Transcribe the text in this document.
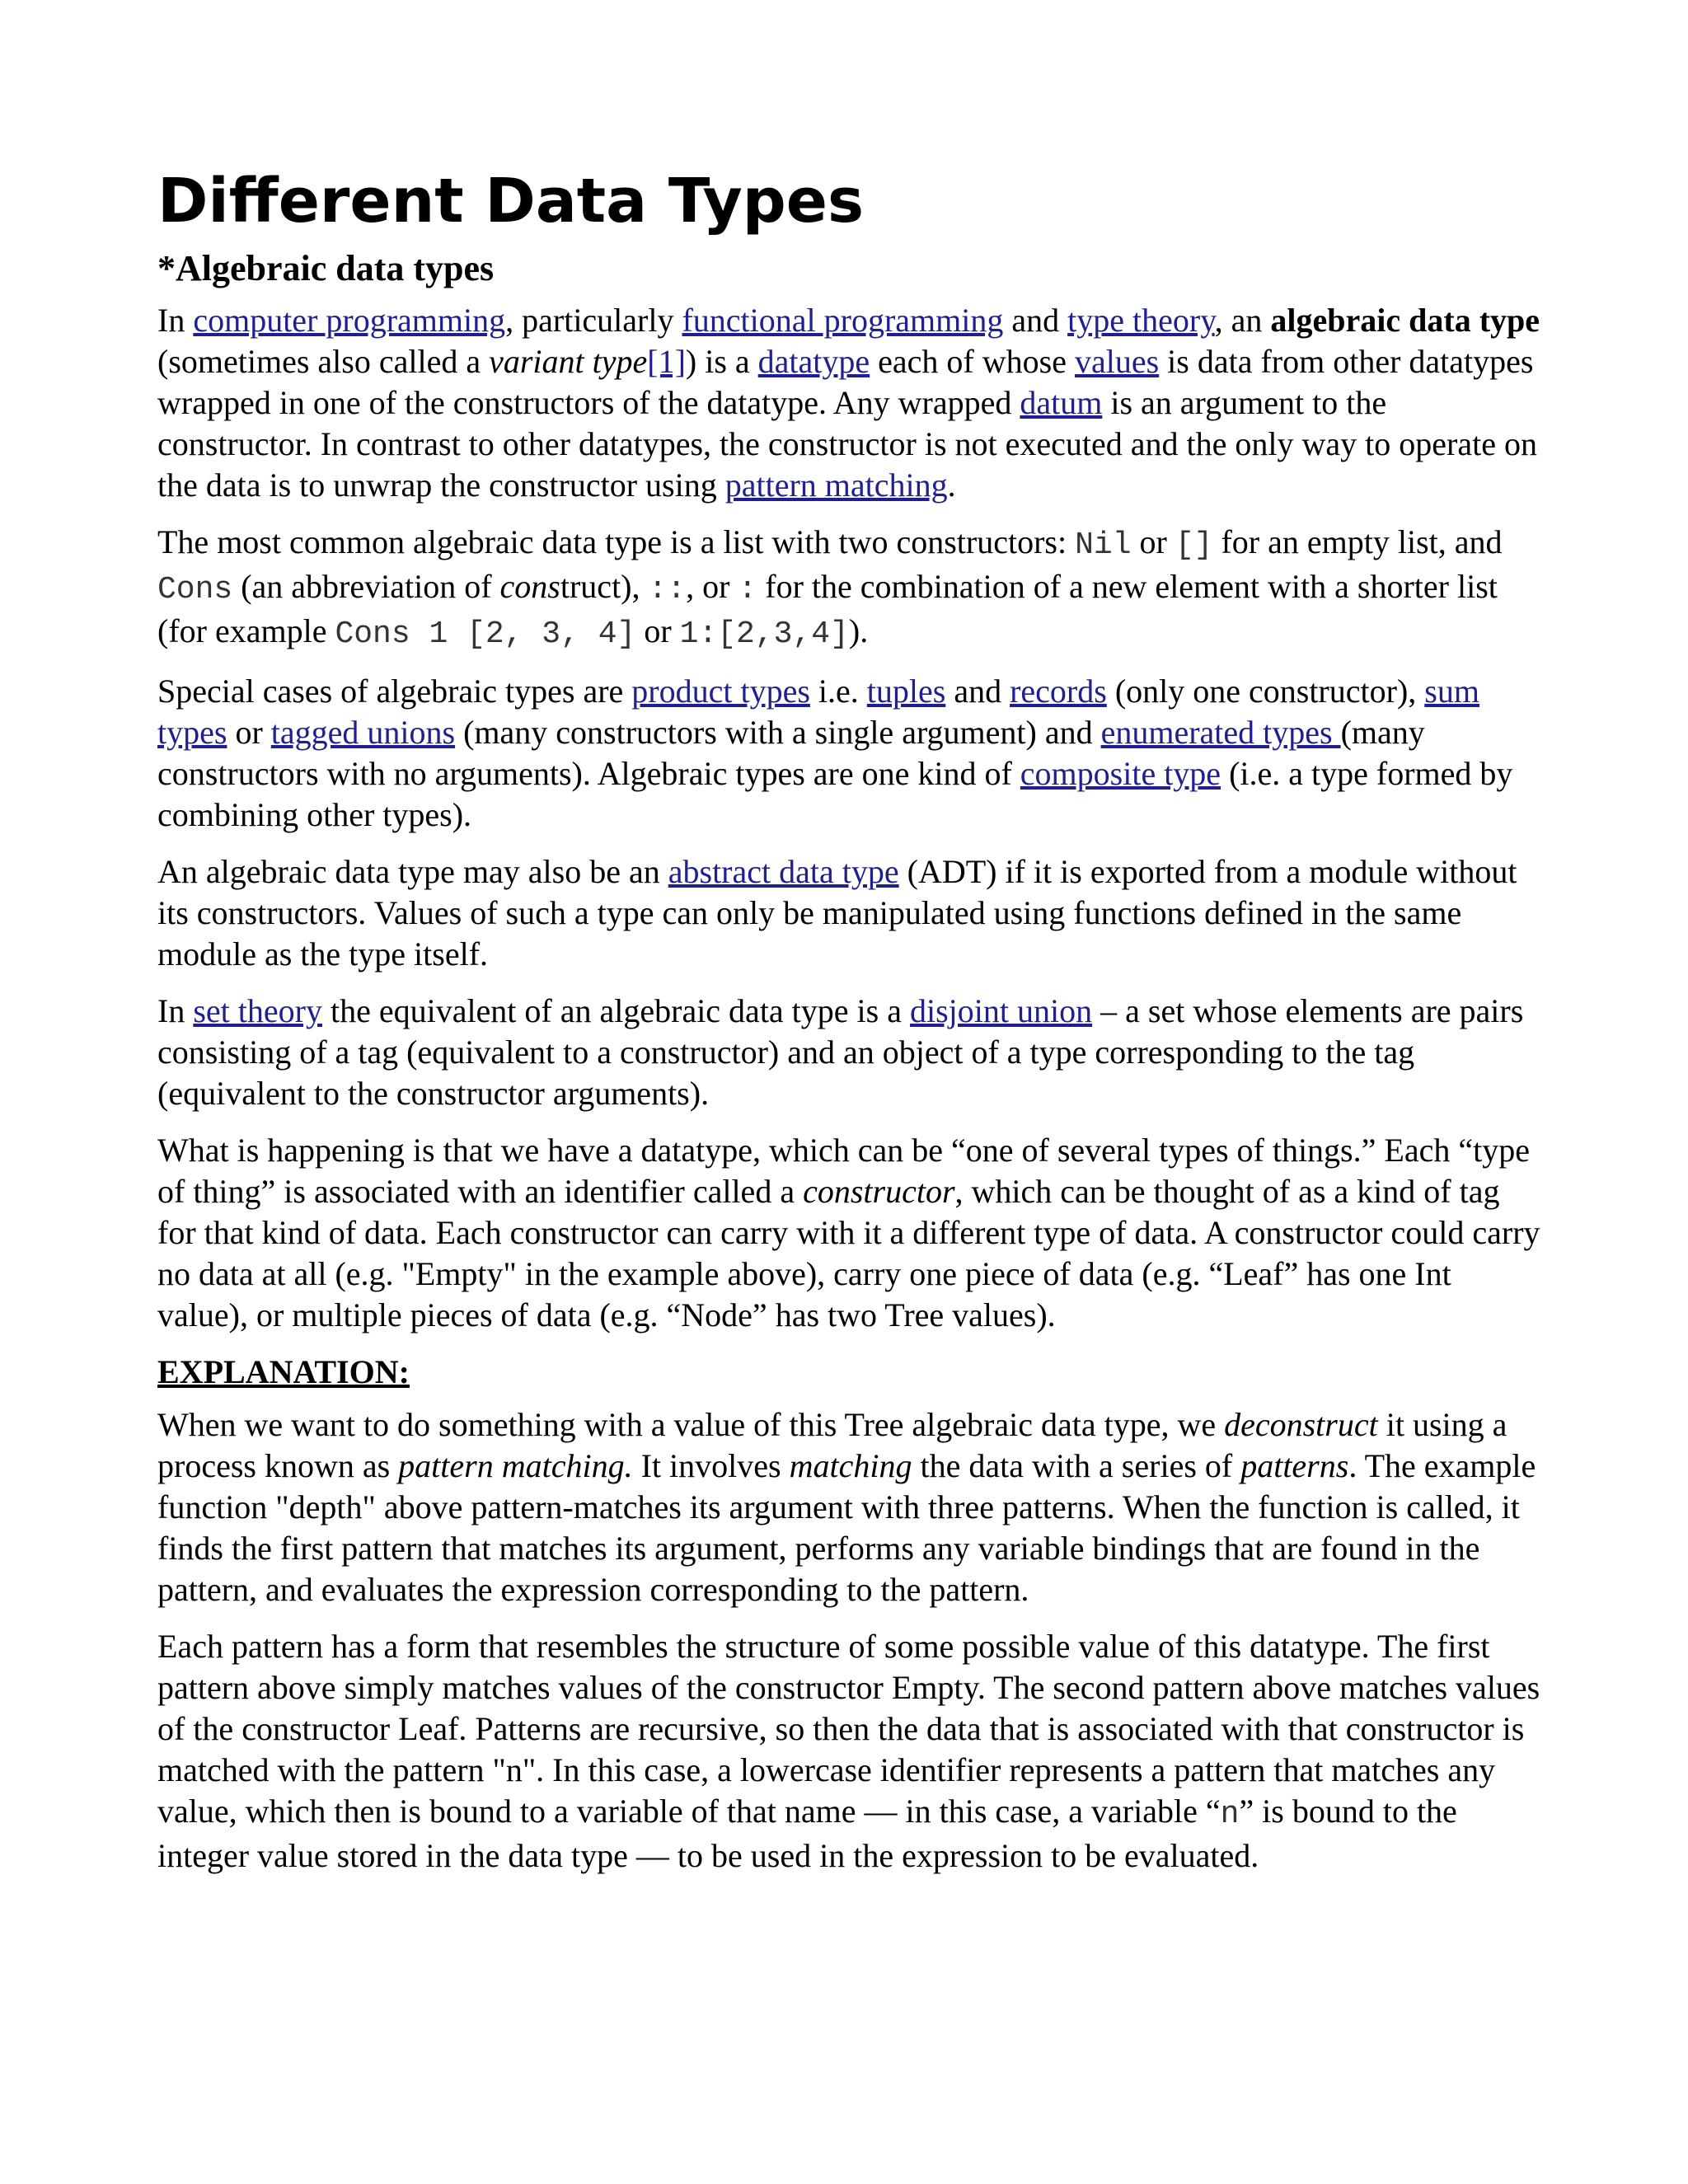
Different Data Types
*Algebraic data types

In computer programming, particularly functional programming and type theory, an algebraic data type (sometimes also called a variant type[1]) is a datatype each of whose values is data from other datatypes wrapped in one of the constructors of the datatype. Any wrapped datum is an argument to the constructor. In contrast to other datatypes, the constructor is not executed and the only way to operate on the data is to unwrap the constructor using pattern matching.

The most common algebraic data type is a list with two constructors: Nil or [] for an empty list, and Cons (an abbreviation of construct), ::, or : for the combination of a new element with a shorter list (for example Cons 1 [2, 3, 4] or 1:[2,3,4]).

Special cases of algebraic types are product types i.e. tuples and records (only one constructor), sum types or tagged unions (many constructors with a single argument) and enumerated types (many constructors with no arguments). Algebraic types are one kind of composite type (i.e. a type formed by combining other types).

An algebraic data type may also be an abstract data type (ADT) if it is exported from a module without its constructors. Values of such a type can only be manipulated using functions defined in the same module as the type itself.

In set theory the equivalent of an algebraic data type is a disjoint union – a set whose elements are pairs consisting of a tag (equivalent to a constructor) and an object of a type corresponding to the tag (equivalent to the constructor arguments).

What is happening is that we have a datatype, which can be “one of several types of things.” Each “type of thing” is associated with an identifier called a constructor, which can be thought of as a kind of tag for that kind of data. Each constructor can carry with it a different type of data. A constructor could carry no data at all (e.g. "Empty" in the example above), carry one piece of data (e.g. “Leaf” has one Int value), or multiple pieces of data (e.g. “Node” has two Tree values).

EXPLANATION:

When we want to do something with a value of this Tree algebraic data type, we deconstruct it using a process known as pattern matching. It involves matching the data with a series of patterns. The example function "depth" above pattern-matches its argument with three patterns. When the function is called, it finds the first pattern that matches its argument, performs any variable bindings that are found in the pattern, and evaluates the expression corresponding to the pattern.

Each pattern has a form that resembles the structure of some possible value of this datatype. The first pattern above simply matches values of the constructor Empty. The second pattern above matches values of the constructor Leaf. Patterns are recursive, so then the data that is associated with that constructor is matched with the pattern "n". In this case, a lowercase identifier represents a pattern that matches any value, which then is bound to a variable of that name — in this case, a variable “n” is bound to the integer value stored in the data type — to be used in the expression to be evaluated.
